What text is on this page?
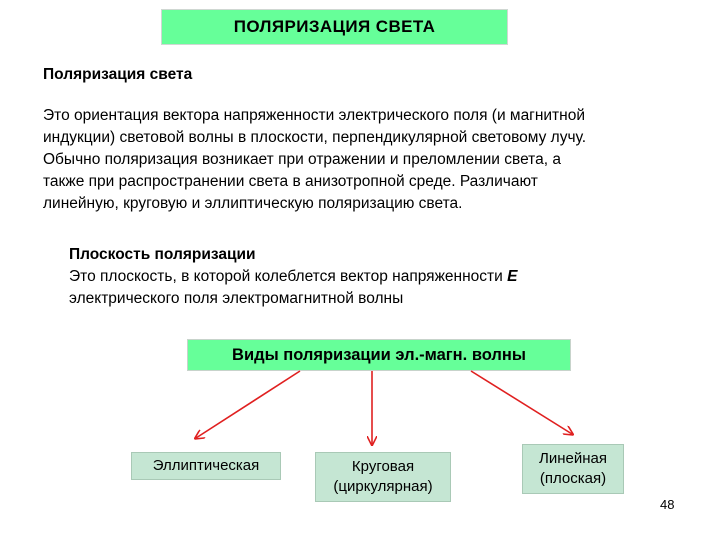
ПОЛЯРИЗАЦИЯ СВЕТА
Поляризация света
Это ориентация вектора напряженности электрического поля (и магнитной
индукции) световой волны в плоскости, перпендикулярной световому лучу.
Обычно поляризация возникает при отражении и преломлении света, а
также при распространении света в анизотропной среде. Различают
линейную, круговую и эллиптическую поляризацию света.
Плоскость поляризации
Это плоскость, в которой колеблется вектор напряженности Е
электрического поля электромагнитной волны
Виды поляризации эл.-магн. волны
Эллиптическая	Круговая
(циркулярная)
Линейная
(плоская)
48
